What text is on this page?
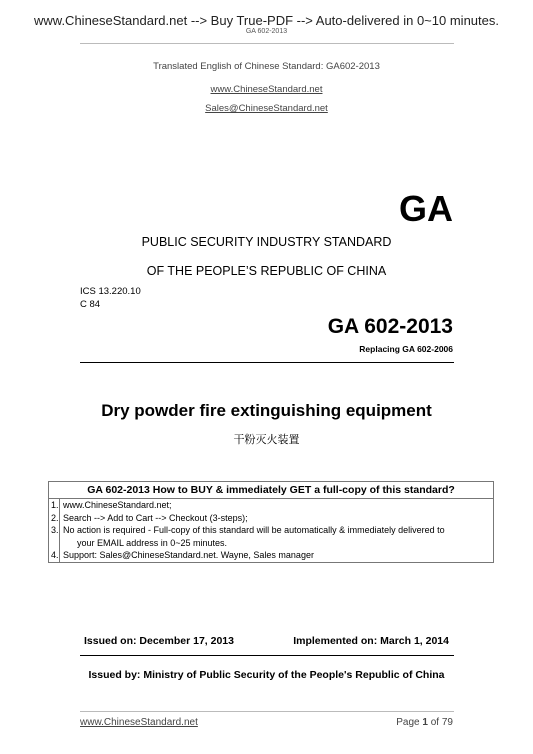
www.ChineseStandard.net --> Buy True-PDF --> Auto-delivered in 0~10 minutes.
GA 602-2013
Translated English of Chinese Standard: GA602-2013
www.ChineseStandard.net
Sales@ChineseStandard.net
GA
PUBLIC SECURITY INDUSTRY STANDARD
OF THE PEOPLE’S REPUBLIC OF CHINA
ICS 13.220.10
C 84
GA 602-2013
Replacing GA 602-2006
Dry powder fire extinguishing equipment
干粉灭火装置
GA 602-2013 How to BUY & immediately GET a full-copy of this standard?
1. www.ChineseStandard.net;
2. Search --> Add to Cart --> Checkout (3-steps);
3. No action is required - Full-copy of this standard will be automatically & immediately delivered to
your EMAIL address in 0~25 minutes.
4. Support: Sales@ChineseStandard.net. Wayne, Sales manager
Issued on: December 17, 2013	Implemented on: March 1, 2014
Issued by: Ministry of Public Security of the People's Republic of China
www.ChineseStandard.net	Page 1 of 79
